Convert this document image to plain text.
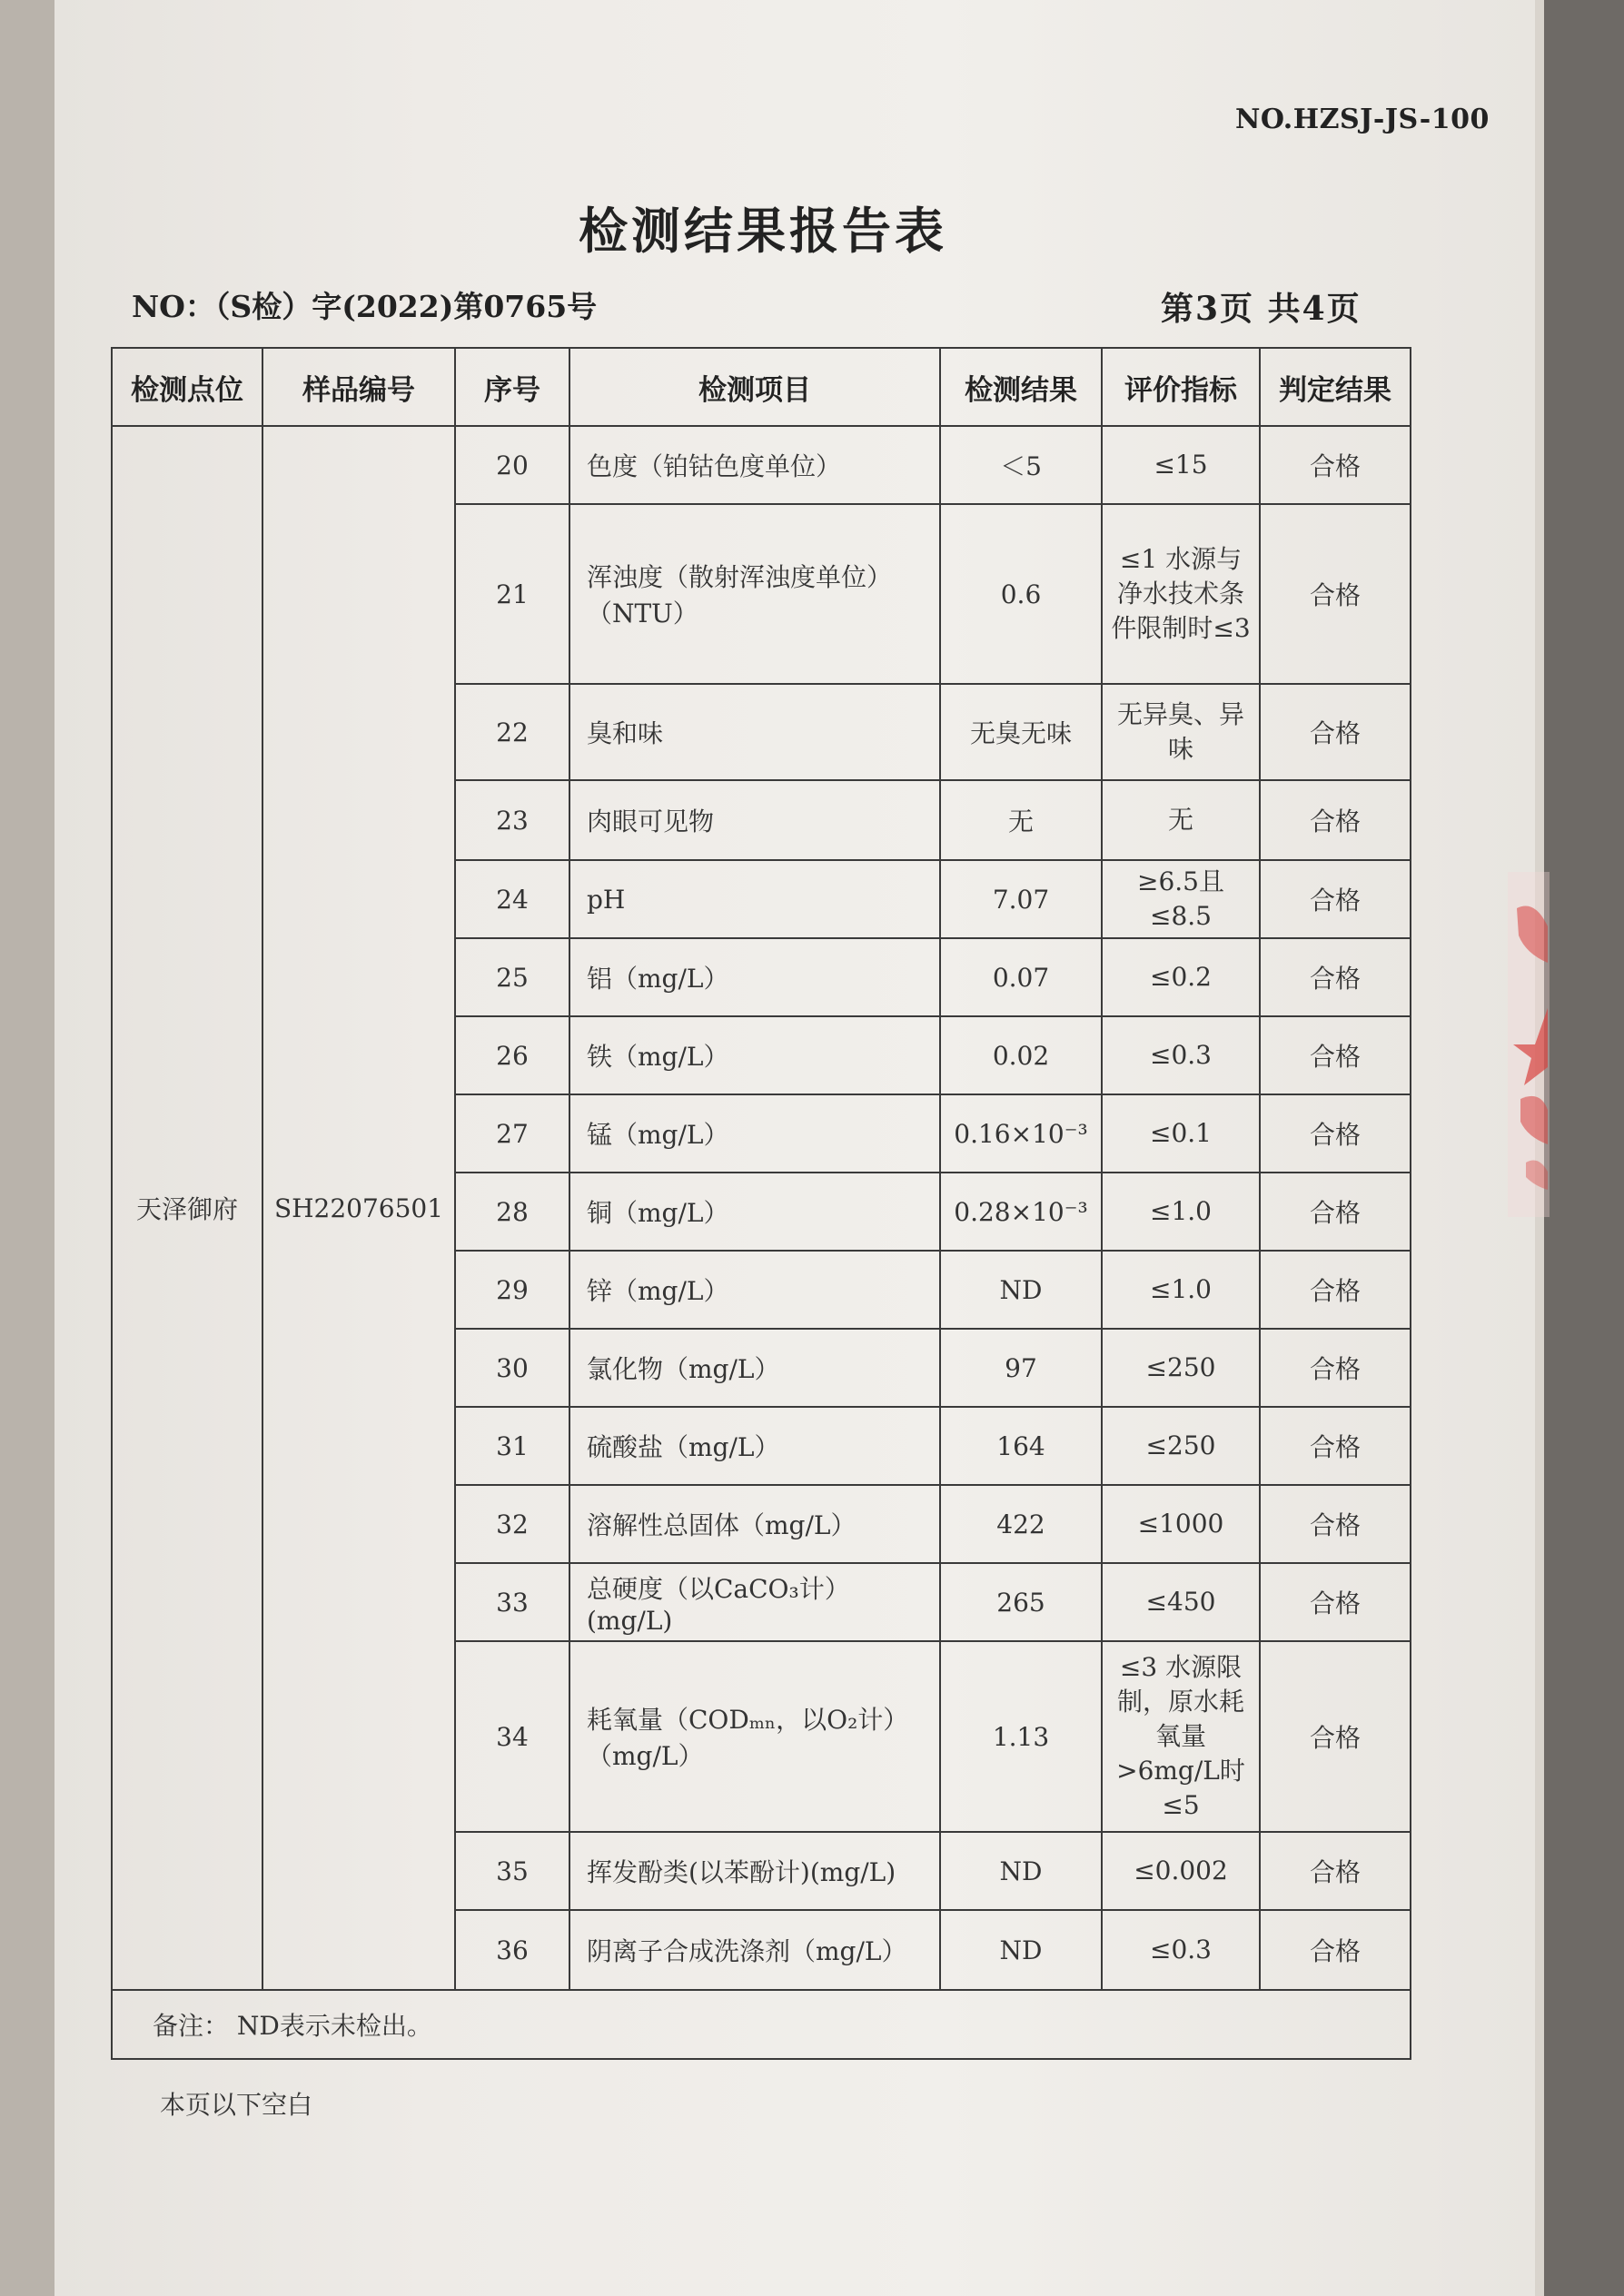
NO.HZSJ-JS-100
检测结果报告表
NO：（S检）字(2022)第0765号	第3页 共4页
检测点位	样品编号	序号	检测项目	检测结果	评价指标	判定结果
天泽御府	SH22076501	20	色度（铂钴色度单位）	＜5	≤15	合格
		21	浑浊度（散射浑浊度单位）（NTU）	0.6	≤1 水源与净水技术条件限制时≤3	合格
		22	臭和味	无臭无味	无异臭、异味	合格
		23	肉眼可见物	无	无	合格
		24	pH	7.07	≥6.5且≤8.5	合格
		25	铝（mg/L）	0.07	≤0.2	合格
		26	铁（mg/L）	0.02	≤0.3	合格
		27	锰（mg/L）	0.16×10⁻³	≤0.1	合格
		28	铜（mg/L）	0.28×10⁻³	≤1.0	合格
		29	锌（mg/L）	ND	≤1.0	合格
		30	氯化物（mg/L）	97	≤250	合格
		31	硫酸盐（mg/L）	164	≤250	合格
		32	溶解性总固体（mg/L）	422	≤1000	合格
		33	总硬度（以CaCO₃计）(mg/L)	265	≤450	合格
		34	耗氧量（CODₘₙ，以O₂计）（mg/L）	1.13	≤3 水源限制，原水耗氧量>6mg/L时≤5	合格
		35	挥发酚类(以苯酚计)(mg/L)	ND	≤0.002	合格
		36	阴离子合成洗涤剂（mg/L）	ND	≤0.3	合格
备注： ND表示未检出。						
本页以下空白
